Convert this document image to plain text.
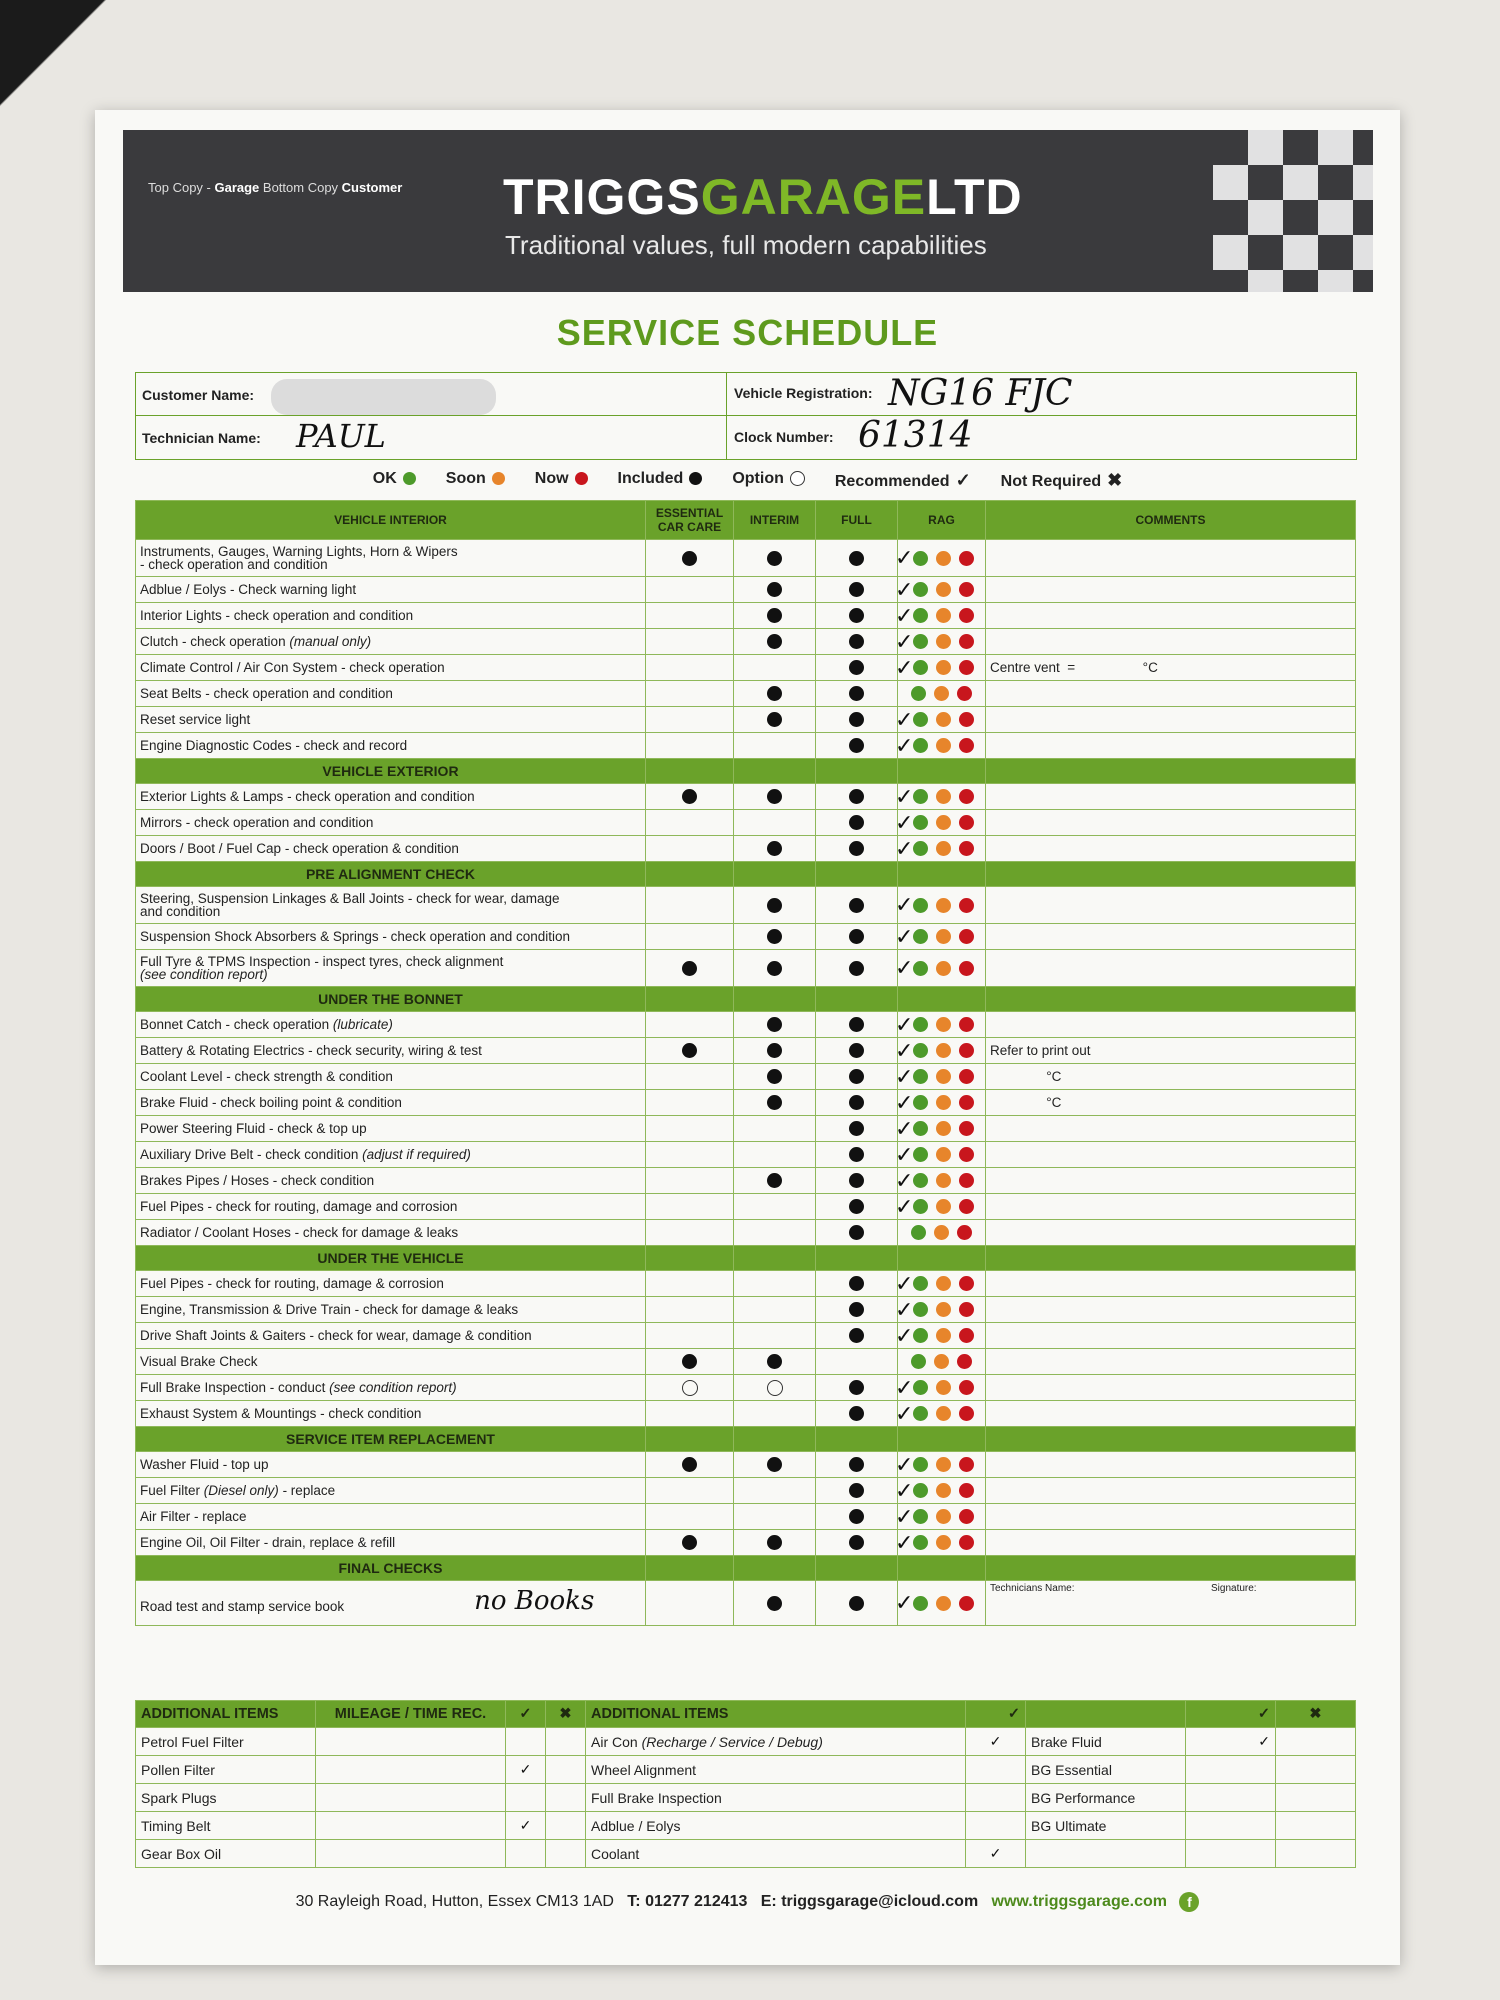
Top Copy - Garage Bottom Copy Customer TRIGGSGARAGELTD
Traditional values, full modern capabilities
SERVICE SCHEDULE
Customer Name:
Technician Name: PAUL
Vehicle Registration: NG16 FJC
Clock Number: 61314
OK	Soon	Now	Included	Option	Recommended ✓ Not Required ✖
VEHICLE INTERIOR	ESSENTIAL CAR CARE	INTERIM	FULL	RAG	COMMENTS
Instruments, Gauges, Warning Lights, Horn & Wipers
- check operation and condition				✓	
Adblue / Eolys - Check warning light				✓	
Interior Lights - check operation and condition				✓	
Clutch - check operation (manual only)				✓	
Climate Control / Air Con System - check operation				✓	Centre vent  =                  °C
Seat Belts - check operation and condition					
Reset service light				✓	
Engine Diagnostic Codes - check and record				✓	
VEHICLE EXTERIOR					
Exterior Lights & Lamps - check operation and condition				✓	
Mirrors - check operation and condition				✓	
Doors / Boot / Fuel Cap - check operation & condition				✓	
PRE ALIGNMENT CHECK					
Steering, Suspension Linkages & Ball Joints - check for wear, damage
and condition				✓	
Suspension Shock Absorbers & Springs - check operation and condition				✓	
Full Tyre & TPMS Inspection - inspect tyres, check alignment
(see condition report)				✓	
UNDER THE BONNET					
Bonnet Catch - check operation (lubricate)				✓	
Battery & Rotating Electrics - check security, wiring & test				✓	Refer to print out
Coolant Level - check strength & condition				✓	°C
Brake Fluid - check boiling point & condition				✓	°C
Power Steering Fluid - check & top up				✓	
Auxiliary Drive Belt - check condition (adjust if required)				✓	
Brakes Pipes / Hoses - check condition				✓	
Fuel Pipes - check for routing, damage and corrosion				✓	
Radiator / Coolant Hoses - check for damage & leaks					
UNDER THE VEHICLE					
Fuel Pipes - check for routing, damage & corrosion				✓	
Engine, Transmission & Drive Train - check for damage & leaks				✓	
Drive Shaft Joints & Gaiters - check for wear, damage & condition				✓	
Visual Brake Check					
Full Brake Inspection - conduct (see condition report)				✓	
Exhaust System & Mountings - check condition				✓	
SERVICE ITEM REPLACEMENT					
Washer Fluid - top up				✓	
Fuel Filter (Diesel only) - replace				✓	
Air Filter - replace				✓	
Engine Oil, Oil Filter - drain, replace & refill				✓	
FINAL CHECKS					
Road test and stamp service book no Books				✓	Technicians Name: Signature:
ADDITIONAL ITEMS	MILEAGE / TIME REC.	✓	✖	ADDITIONAL ITEMS	✓		✓	✖
Petrol Fuel Filter				Air Con (Recharge / Service / Debug)	✓	Brake Fluid	✓	
Pollen Filter		✓		Wheel Alignment		BG Essential		
Spark Plugs				Full Brake Inspection		BG Performance		
Timing Belt		✓		Adblue / Eolys		BG Ultimate		
Gear Box Oil				Coolant	✓			
30 Rayleigh Road, Hutton, Essex CM13 1AD T: 01277 212413 E: triggsgarage@icloud.com www.triggsgarage.com f
